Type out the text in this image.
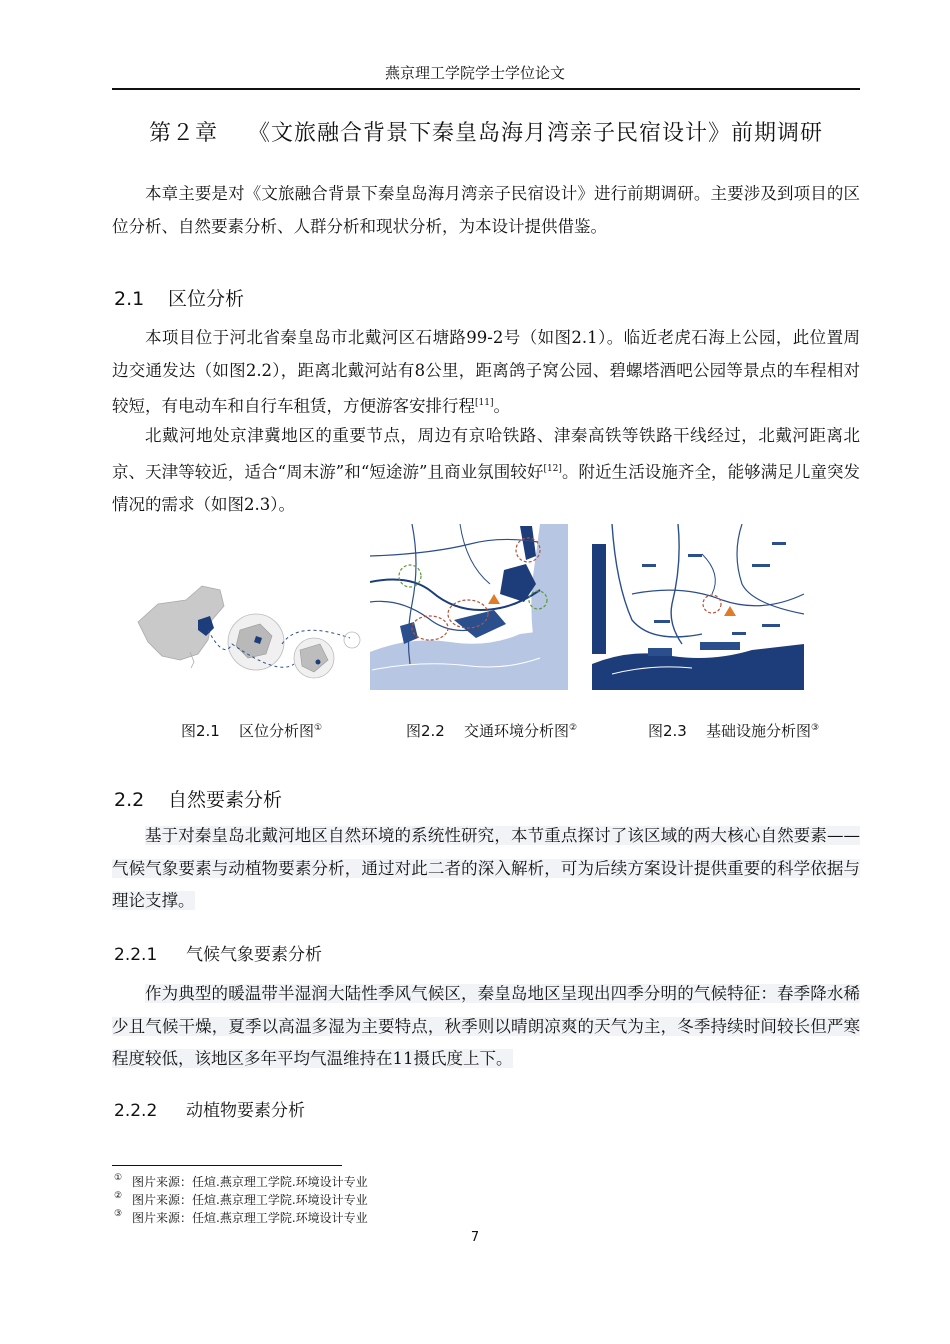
燕京理工学院学士学位论文
第２章 《文旅融合背景下秦皇岛海月湾亲子民宿设计》前期调研

本章主要是对《文旅融合背景下秦皇岛海月湾亲子民宿设计》进行前期调研。主要涉及到项目的区位分析、自然要素分析、人群分析和现状分析，为本设计提供借鉴。

2.1 区位分析

本项目位于河北省秦皇岛市北戴河区石塘路99-2号（如图2.1）。临近老虎石海上公园，此位置周边交通发达（如图2.2），距离北戴河站有8公里，距离鸽子窝公园、碧螺塔酒吧公园等景点的车程相对较短，有电动车和自行车租赁，方便游客安排行程[11]。

北戴河地处京津冀地区的重要节点，周边有京哈铁路、津秦高铁等铁路干线经过，北戴河距离北京、天津等较近，适合“周末游”和“短途游”且商业氛围较好[12]。附近生活设施齐全，能够满足儿童突发情况的需求（如图2.3）。

图2.1 区位分析图①	图2.2 交通环境分析图②	图2.3 基础设施分析图③
2.2 自然要素分析

基于对秦皇岛北戴河地区自然环境的系统性研究，本节重点探讨了该区域的两大核心自然要素——气候气象要素与动植物要素分析，通过对此二者的深入解析，可为后续方案设计提供重要的科学依据与理论支撑。

2.2.1 气候气象要素分析

作为典型的暖温带半湿润大陆性季风气候区，秦皇岛地区呈现出四季分明的气候特征：春季降水稀少且气候干燥，夏季以高温多湿为主要特点，秋季则以晴朗凉爽的天气为主，冬季持续时间较长但严寒程度较低，该地区多年平均气温维持在11摄氏度上下。

2.2.2 动植物要素分析
① 图片来源：任煊.燕京理工学院.环境设计专业
② 图片来源：任煊.燕京理工学院.环境设计专业
③ 图片来源：任煊.燕京理工学院.环境设计专业
7
